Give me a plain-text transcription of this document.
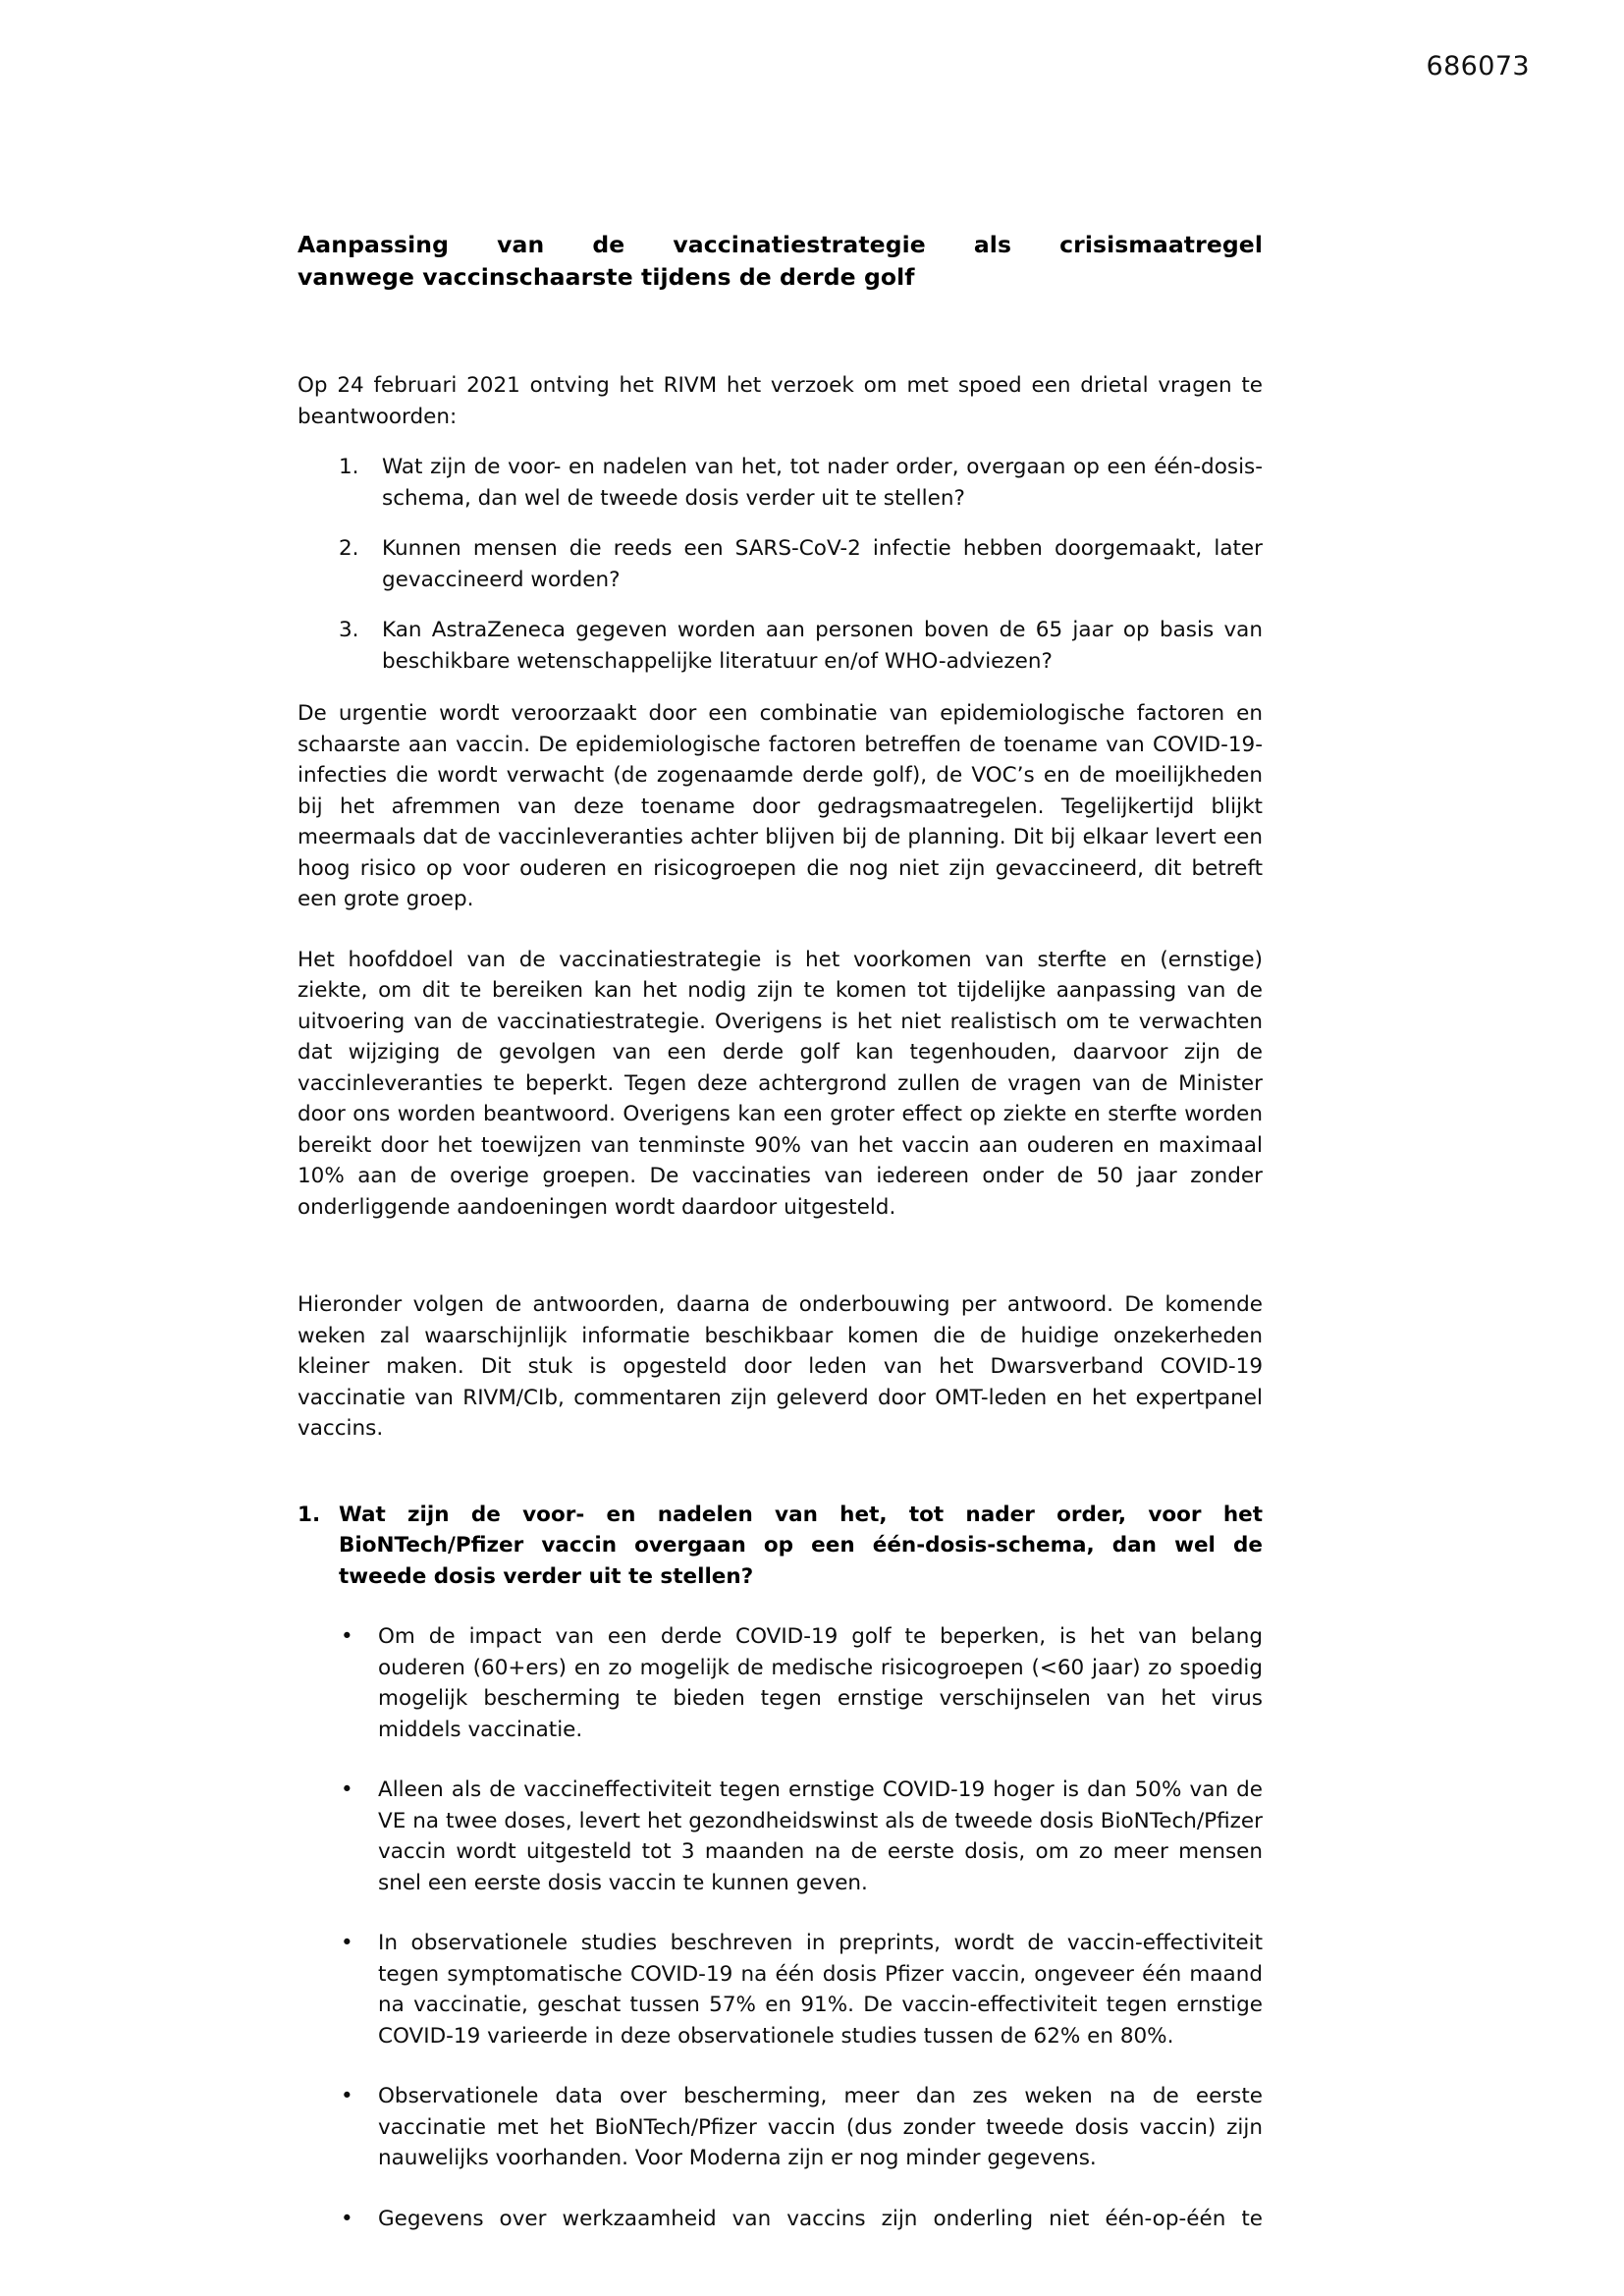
686073
Aanpassing van de vaccinatiestrategie als crisismaatregel
vanwege vaccinschaarste tijdens de derde golf

Op 24 februari 2021 ontving het RIVM het verzoek om met spoed een drietal vragen te beantwoorden:

1.	Wat zijn de voor- en nadelen van het, tot nader order, overgaan op een één-dosis-schema, dan wel de tweede dosis verder uit te stellen?
2.	Kunnen mensen die reeds een SARS-CoV-2 infectie hebben doorgemaakt, later gevaccineerd worden?
3.	Kan AstraZeneca gegeven worden aan personen boven de 65 jaar op basis van beschikbare wetenschappelijke literatuur en/of WHO-adviezen?

De urgentie wordt veroorzaakt door een combinatie van epidemiologische factoren en schaarste aan vaccin. De epidemiologische factoren betreffen de toename van COVID-19-infecties die wordt verwacht (de zogenaamde derde golf), de VOC’s en de moeilijkheden bij het afremmen van deze toename door gedragsmaatregelen. Tegelijkertijd blijkt meermaals dat de vaccinleveranties achter blijven bij de planning. Dit bij elkaar levert een hoog risico op voor ouderen en risicogroepen die nog niet zijn gevaccineerd, dit betreft een grote groep.

Het hoofddoel van de vaccinatiestrategie is het voorkomen van sterfte en (ernstige) ziekte, om dit te bereiken kan het nodig zijn te komen tot tijdelijke aanpassing van de uitvoering van de vaccinatiestrategie. Overigens is het niet realistisch om te verwachten dat wijziging de gevolgen van een derde golf kan tegenhouden, daarvoor zijn de vaccinleveranties te beperkt. Tegen deze achtergrond zullen de vragen van de Minister door ons worden beantwoord. Overigens kan een groter effect op ziekte en sterfte worden bereikt door het toewijzen van tenminste 90% van het vaccin aan ouderen en maximaal 10% aan de overige groepen. De vaccinaties van iedereen onder de 50 jaar zonder onderliggende aandoeningen wordt daardoor uitgesteld.

Hieronder volgen de antwoorden, daarna de onderbouwing per antwoord. De komende weken zal waarschijnlijk informatie beschikbaar komen die de huidige onzekerheden kleiner maken. Dit stuk is opgesteld door leden van het Dwarsverband COVID-19 vaccinatie van RIVM/CIb, commentaren zijn geleverd door OMT-leden en het expertpanel vaccins.

1. Wat zijn de voor- en nadelen van het, tot nader order, voor het BioNTech/Pfizer vaccin overgaan op een één-dosis-schema, dan wel de tweede dosis verder uit te stellen?
• Om de impact van een derde COVID-19 golf te beperken, is het van belang ouderen (60+ers) en zo mogelijk de medische risicogroepen (<60 jaar) zo spoedig mogelijk bescherming te bieden tegen ernstige verschijnselen van het virus middels vaccinatie.
• Alleen als de vaccineffectiviteit tegen ernstige COVID-19 hoger is dan 50% van de VE na twee doses, levert het gezondheidswinst als de tweede dosis BioNTech/Pfizer vaccin wordt uitgesteld tot 3 maanden na de eerste dosis, om zo meer mensen snel een eerste dosis vaccin te kunnen geven.
• In observationele studies beschreven in preprints, wordt de vaccin-effectiviteit tegen symptomatische COVID-19 na één dosis Pfizer vaccin, ongeveer één maand na vaccinatie, geschat tussen 57% en 91%. De vaccin-effectiviteit tegen ernstige COVID-19 varieerde in deze observationele studies tussen de 62% en 80%.
• Observationele data over bescherming, meer dan zes weken na de eerste vaccinatie met het BioNTech/Pfizer vaccin (dus zonder tweede dosis vaccin) zijn nauwelijks voorhanden. Voor Moderna zijn er nog minder gegevens.
• Gegevens over werkzaamheid van vaccins zijn onderling niet één-op-één te
